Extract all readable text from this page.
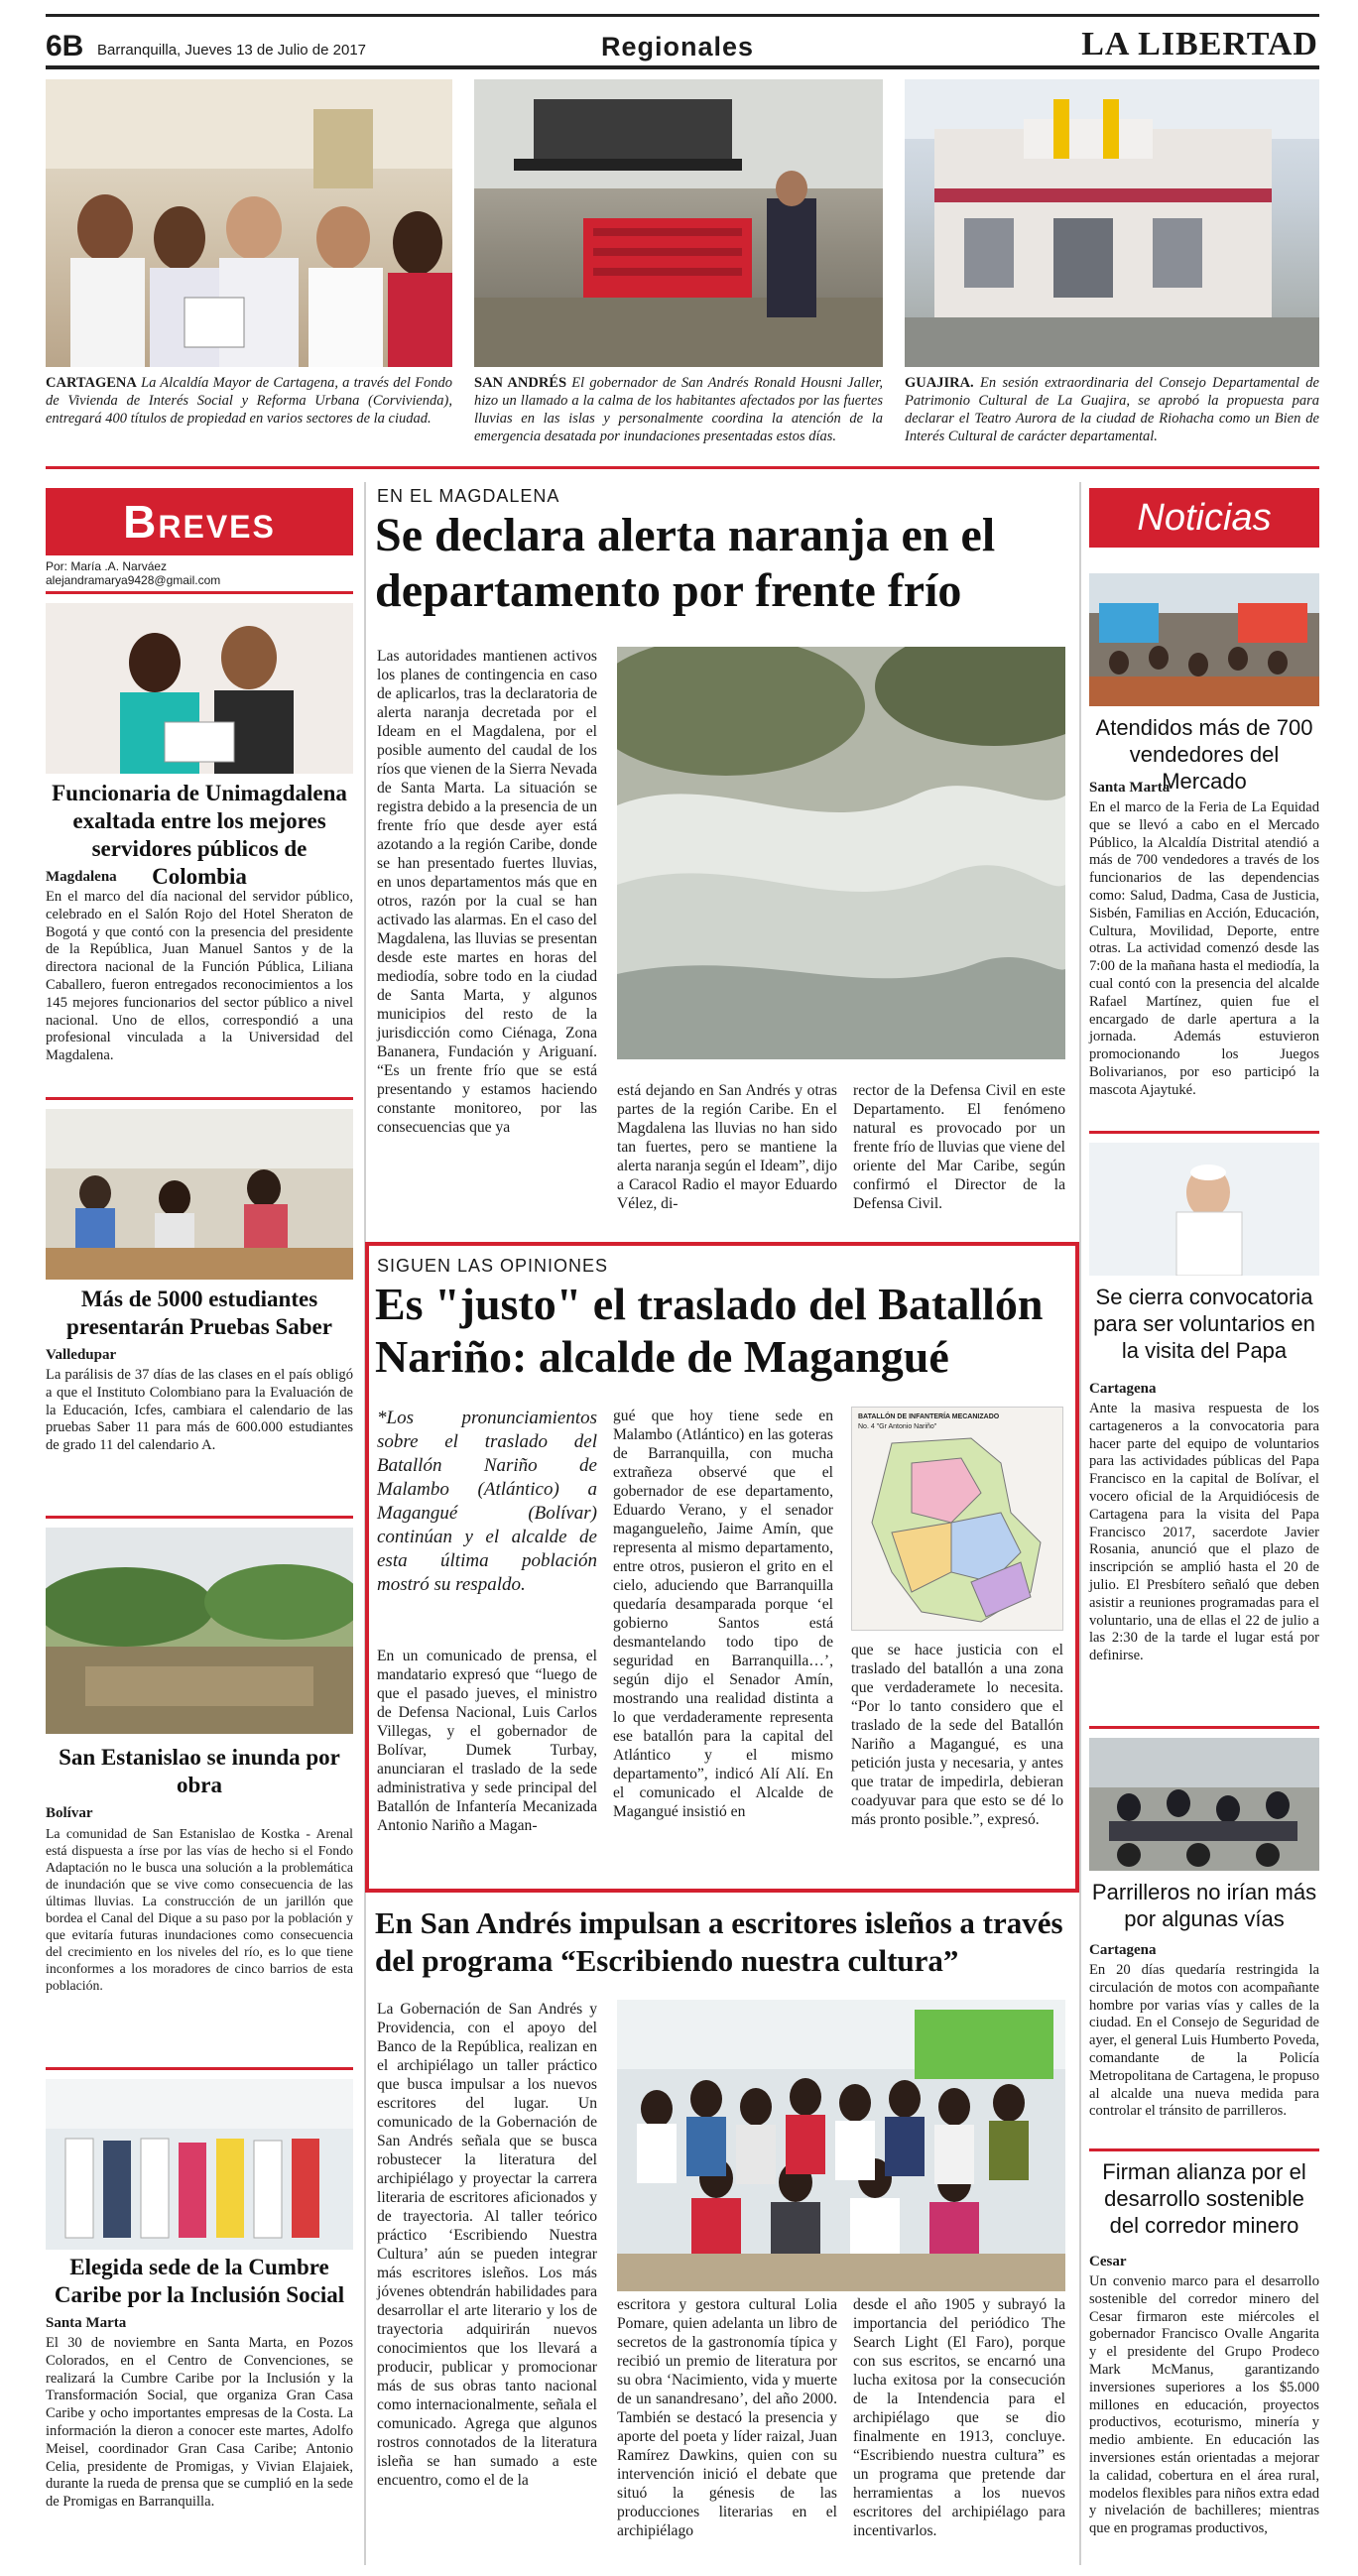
6B Barranquilla, Jueves 13 de Julio de 2017	Regionales	LA LIBERTAD
CARTAGENA La Alcaldía Mayor de Cartagena, a través del Fondo de Vivienda de Interés Social y Reforma Urbana (Corvivienda), entregará 400 títulos de propiedad en varios sectores de la ciudad.
SAN ANDRÉS El gobernador de San Andrés Ronald Housni Jaller, hizo un llamado a la calma de los habitantes afectados por las fuertes lluvias en las islas y personalmente coordina la atención de la emergencia desatada por inundaciones presentadas estos días.
GUAJIRA. En sesión extraordinaria del Consejo Departamental de Patrimonio Cultural de La Guajira, se aprobó la propuesta para declarar el Teatro Aurora de la ciudad de Riohacha como un Bien de Interés Cultural de carácter departamental.
Breves
Por: María .A. Narváez
alejandramarya9428@gmail.com
Funcionaria de Unimagdalena exaltada entre los mejores servidores públicos de Colombia
Magdalena
En el marco del día nacional del servidor público, celebrado en el Salón Rojo del Hotel Sheraton de Bogotá y que contó con la presencia del presidente de la República, Juan Manuel Santos y de la directora nacional de la Función Pública, Liliana Caballero, fueron entregados reconocimientos a los 145 mejores funcionarios del sector público a nivel nacional. Uno de ellos, correspondió a una profesional vinculada a la Universidad del Magdalena.
Más de 5000 estudiantes presentarán Pruebas Saber
Valledupar
La parálisis de 37 días de las clases en el país obligó a que el Instituto Colombiano para la Evaluación de la Educación, Icfes, cambiara el calendario de las pruebas Saber 11 para más de 600.000 estudiantes de grado 11 del calendario A.
San Estanislao se inunda por obra
Bolívar
La comunidad de San Estanislao de Kostka - Arenal está dispuesta a írse por las vías de hecho si el Fondo Adaptación no le busca una solución a la problemática de inundación que se vive como consecuencia de las últimas lluvias. La construcción de un jarillón que bordea el Canal del Dique a su paso por la población y que evitaría futuras inundaciones como consecuencia del crecimiento en los niveles del río, es lo que tiene inconformes a los moradores de cinco barrios de esta población.
Elegida sede de la Cumbre Caribe por la Inclusión Social
Santa Marta
El 30 de noviembre en Santa Marta, en Pozos Colorados, en el Centro de Convenciones, se realizará la Cumbre Caribe por la Inclusión y la Transformación Social, que organiza Gran Casa Caribe y ocho importantes empresas de la Costa. La información la dieron a conocer este martes, Adolfo Meisel, coordinador Gran Casa Caribe; Antonio Celia, presidente de Promigas, y Vivian Elajaiek, durante la rueda de prensa que se cumplió en la sede de Promigas en Barranquilla.
EN EL MAGDALENA
Se declara alerta naranja en el departamento por frente frío
Las autoridades mantienen activos los planes de contingencia en caso de aplicarlos, tras la declaratoria de alerta naranja decretada por el Ideam en el Magdalena, por el posible aumento del caudal de los ríos que vienen de la Sierra Nevada de Santa Marta. La situación se registra debido a la presencia de un frente frío que desde ayer está azotando a la región Caribe, donde se han presentado fuertes lluvias, en unos departamentos más que en otros, razón por la cual se han activado las alarmas. En el caso del Magdalena, las lluvias se presentan desde este martes en horas del mediodía, sobre todo en la ciudad de Santa Marta, y algunos municipios del resto de la jurisdicción como Ciénaga, Zona Bananera, Fundación y Ariguaní. “Es un frente frío que se está presentando y estamos haciendo constante monitoreo, por las consecuencias que ya
está dejando en San Andrés y otras partes de la región Caribe. En el Magdalena las lluvias no han sido tan fuertes, pero se mantiene la alerta naranja según el Ideam”, dijo a Caracol Radio el mayor Eduardo Vélez, di-
rector de la Defensa Civil en este Departamento. El fenómeno natural es provocado por un frente frío de lluvias que viene del oriente del Mar Caribe, según confirmó el Director de la Defensa Civil.
SIGUEN LAS OPINIONES
Es "justo" el traslado del Batallón Nariño: alcalde de Magangué
*Los pronunciamientos sobre el traslado del Batallón Nariño de Malambo (Atlántico) a Magangué (Bolívar) continúan y el alcalde de esta última población mostró su respaldo.
En un comunicado de prensa, el mandatario expresó que “luego de que el pasado jueves, el ministro de Defensa Nacional, Luis Carlos Villegas, y el gobernador de Bolívar, Dumek Turbay, anunciaran el traslado de la sede administrativa y sede principal del Batallón de Infantería Mecanizada Antonio Nariño a Magan-
gué que hoy tiene sede en Malambo (Atlántico) en las goteras de Barranquilla, con mucha extrañeza observé que el gobernador de ese departamento, Eduardo Verano, y el senador magangueleño, Jaime Amín, que representa al mismo departamento, entre otros, pusieron el grito en el cielo, aduciendo que Barranquilla quedaría desamparada porque ‘el gobierno Santos está desmantelando todo tipo de seguridad en Barranquilla…’, según dijo el Senador Amín, mostrando una realidad distinta a lo que verdaderamente representa ese batallón para la capital del Atlántico y el mismo departamento”, indicó Alí Alí. En el comunicado el Alcalde de Magangué insistió en
BATALLÓN DE INFANTERÍA MECANIZADO
No. 4 "Gr Antonio Nariño"
que se hace justicia con el traslado del batallón a una zona que verdaderamete lo necesita. “Por lo tanto considero que el traslado de la sede del Batallón Nariño a Magangué, es una petición justa y necesaria, y antes que tratar de impedirla, debieran coadyuvar para que esto se dé lo más pronto posible.”, expresó.
En San Andrés impulsan a escritores isleños a través del programa “Escribiendo nuestra cultura”
La Gobernación de San Andrés y Providencia, con el apoyo del Banco de la República, realizan en el archipiélago un taller práctico que busca impulsar a los nuevos escritores del lugar. Un comunicado de la Gobernación de San Andrés señala que se busca robustecer la literatura del archipiélago y proyectar la carrera literaria de escritores aficionados y de trayectoria. Al taller teórico práctico ‘Escribiendo Nuestra Cultura’ aún se pueden integrar más escritores isleños. Los más jóvenes obtendrán habilidades para desarrollar el arte literario y los de trayectoria adquirirán nuevos conocimientos que los llevará a producir, publicar y promocionar más de sus obras tanto nacional como internacionalmente, señala el comunicado. Agrega que algunos rostros connotados de la literatura isleña se han sumado a este encuentro, como el de la
escritora y gestora cultural Lolia Pomare, quien adelanta un libro de secretos de la gastronomía típica y recibió un premio de literatura por su obra ‘Nacimiento, vida y muerte de un sanandresano’, del año 2000. También se destacó la presencia y aporte del poeta y líder raizal, Juan Ramírez Dawkins, quien con su intervención inició el debate que situó la génesis de las producciones literarias en el archipiélago
desde el año 1905 y subrayó la importancia del periódico The Search Light (El Faro), porque con sus escritos, se encarnó una lucha exitosa por la consecución de la Intendencia para el archipiélago que se dio finalmente en 1913, concluye. “Escribiendo nuestra cultura” es un programa que pretende dar herramientas a los nuevos escritores del archipiélago para incentivarlos.
Noticias
Atendidos más de 700 vendedores del Mercado
Santa Marta
En el marco de la Feria de La Equidad que se llevó a cabo en el Mercado Público, la Alcaldía Distrital atendió a más de 700 vendedores a través de los funcionarios de las dependencias como: Salud, Dadma, Casa de Justicia, Sisbén, Familias en Acción, Educación, Cultura, Movilidad, Deporte, entre otras. La actividad comenzó desde las 7:00 de la mañana hasta el mediodía, la cual contó con la presencia del alcalde Rafael Martínez, quien fue el encargado de darle apertura a la jornada. Además estuvieron promocionando los Juegos Bolivarianos, por eso participó la mascota Ajaytuké.
Se cierra convocatoria para ser voluntarios en la visita del Papa
Cartagena
Ante la masiva respuesta de los cartageneros a la convocatoria para hacer parte del equipo de voluntarios para las actividades públicas del Papa Francisco en la capital de Bolívar, el vocero oficial de la Arquidiócesis de Cartagena para la visita del Papa Francisco 2017, sacerdote Javier Rosania, anunció que el plazo de inscripción se amplió hasta el 20 de julio. El Presbítero señaló que deben asistir a reuniones programadas para el voluntario, una de ellas el 22 de julio a las 2:30 de la tarde el lugar está por definirse.
Parrilleros no irían más por algunas vías
Cartagena
En 20 días quedaría restringida la circulación de motos con acompañante hombre por varias vías y calles de la ciudad. En el Consejo de Seguridad de ayer, el general Luis Humberto Poveda, comandante de la Policía Metropolitana de Cartagena, le propuso al alcalde una nueva medida para controlar el tránsito de parrilleros.
Firman alianza por el desarrollo sostenible del corredor minero
Cesar
Un convenio marco para el desarrollo sostenible del corredor minero del Cesar firmaron este miércoles el gobernador Francisco Ovalle Angarita y el presidente del Grupo Prodeco Mark McManus, garantizando inversiones superiores a los $5.000 millones en educación, proyectos productivos, ecoturismo, minería y medio ambiente. En educación las inversiones están orientadas a mejorar la calidad, cobertura en el área rural, modelos flexibles para niños extra edad y nivelación de bachilleres; mientras que en programas productivos,
